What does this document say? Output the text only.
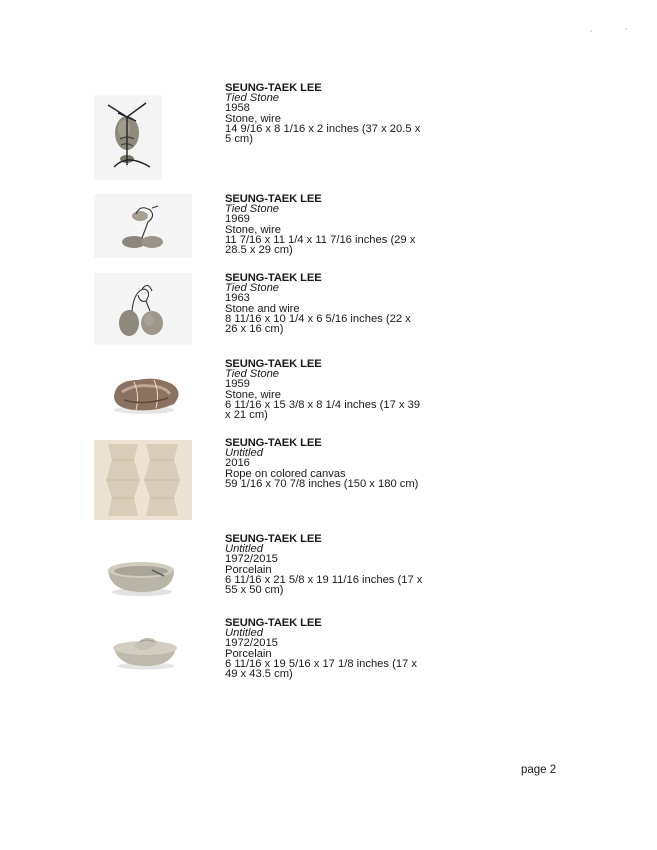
SEUNG-TAEK LEE
Tied Stone
1958
Stone, wire
14 9/16 x 8 1/16 x 2 inches (37 x 20.5 x 5 cm)
SEUNG-TAEK LEE
Tied Stone
1969
Stone, wire
11 7/16 x 11 1/4 x 11 7/16 inches (29 x 28.5 x 29 cm)
SEUNG-TAEK LEE
Tied Stone
1963
Stone and wire
8 11/16 x 10 1/4 x 6 5/16 inches (22 x 26 x 16 cm)
SEUNG-TAEK LEE
Tied Stone
1959
Stone, wire
6 11/16 x 15 3/8 x 8 1/4 inches (17 x 39 x 21 cm)
SEUNG-TAEK LEE
Untitled
2016
Rope on colored canvas
59 1/16 x 70 7/8 inches (150 x 180 cm)
SEUNG-TAEK LEE
Untitled
1972/2015
Porcelain
6 11/16 x 21 5/8 x 19 11/16 inches (17 x 55 x 50 cm)
SEUNG-TAEK LEE
Untitled
1972/2015
Porcelain
6 11/16 x 19 5/16 x 17 1/8 inches (17 x 49 x 43.5 cm)
page 2
